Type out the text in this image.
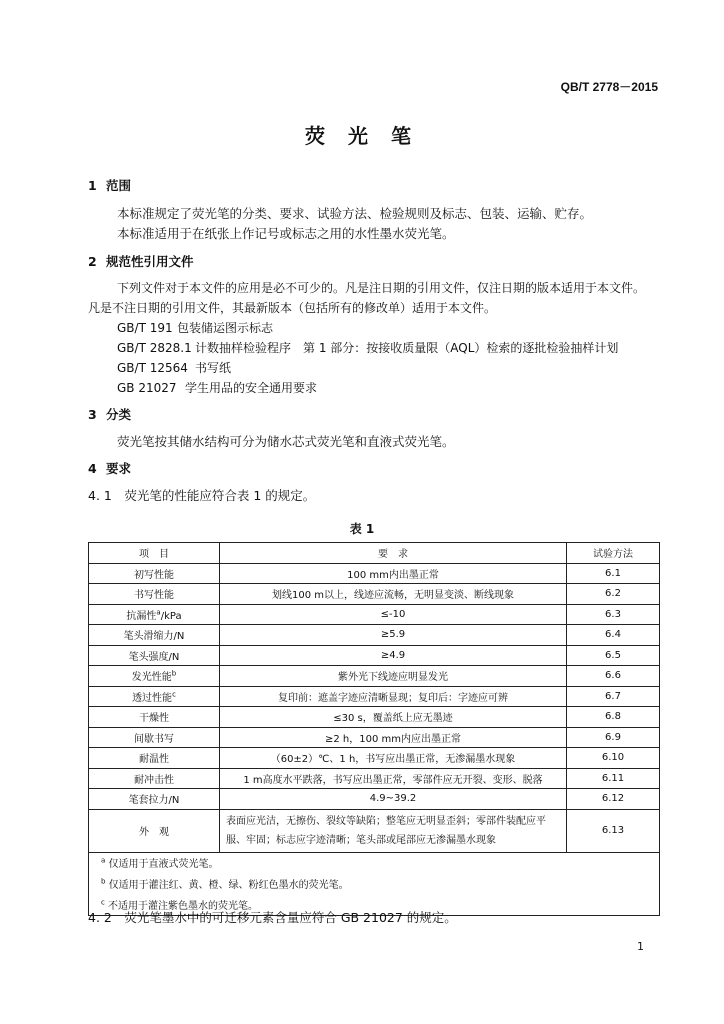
QB/T 2778－2015
荧 光 笔
1 范围
本标准规定了荧光笔的分类、要求、试验方法、检验规则及标志、包装、运输、贮存。
本标准适用于在纸张上作记号或标志之用的水性墨水荧光笔。
2 规范性引用文件
下列文件对于本文件的应用是必不可少的。凡是注日期的引用文件，仅注日期的版本适用于本文件。
凡是不注日期的引用文件，其最新版本（包括所有的修改单）适用于本文件。
GB/T 191 包装储运图示标志
GB/T 2828.1 计数抽样检验程序　第 1 部分：按接收质量限（AQL）检索的逐批检验抽样计划
GB/T 12564 书写纸
GB 21027 学生用品的安全通用要求
3 分类
荧光笔按其储水结构可分为储水芯式荧光笔和直液式荧光笔。
4 要求
4. 1　荧光笔的性能应符合表 1 的规定。
表 1
项　目	要　求	试验方法
初写性能	100 mm内出墨正常	6.1
书写性能	划线100 m以上，线迹应流畅，无明显变淡、断线现象	6.2
抗漏性$^a$/kPa	≤-10	6.3
笔头滑缩力/N	≥5.9	6.4
笔头强度/N	≥4.9	6.5
发光性能$^b$	紫外光下线迹应明显发光	6.6
透过性能$^c$	复印前：遮盖字迹应清晰显现；复印后：字迹应可辨	6.7
干燥性	≤30 s，覆盖纸上应无墨迹	6.8
间歇书写	≥2 h，100 mm内应出墨正常	6.9
耐温性	（60±2）℃、1 h，书写应出墨正常，无渗漏墨水现象	6.10
耐冲击性	1 m高度水平跌落，书写应出墨正常，零部件应无开裂、变形、脱落	6.11
笔套拉力/N	4.9~39.2	6.12
外　观	表面应光洁，无擦伤、裂纹等缺陷；整笔应无明显歪斜；零部件装配应平服、牢固；标志应字迹清晰；笔头部或尾部应无渗漏墨水现象	6.13
$^a$ 仅适用于直液式荧光笔。		
$^b$ 仅适用于灌注红、黄、橙、绿、粉红色墨水的荧光笔。		
$^c$ 不适用于灌注紫色墨水的荧光笔。		
4. 2　荧光笔墨水中的可迁移元素含量应符合 GB 21027 的规定。
1
